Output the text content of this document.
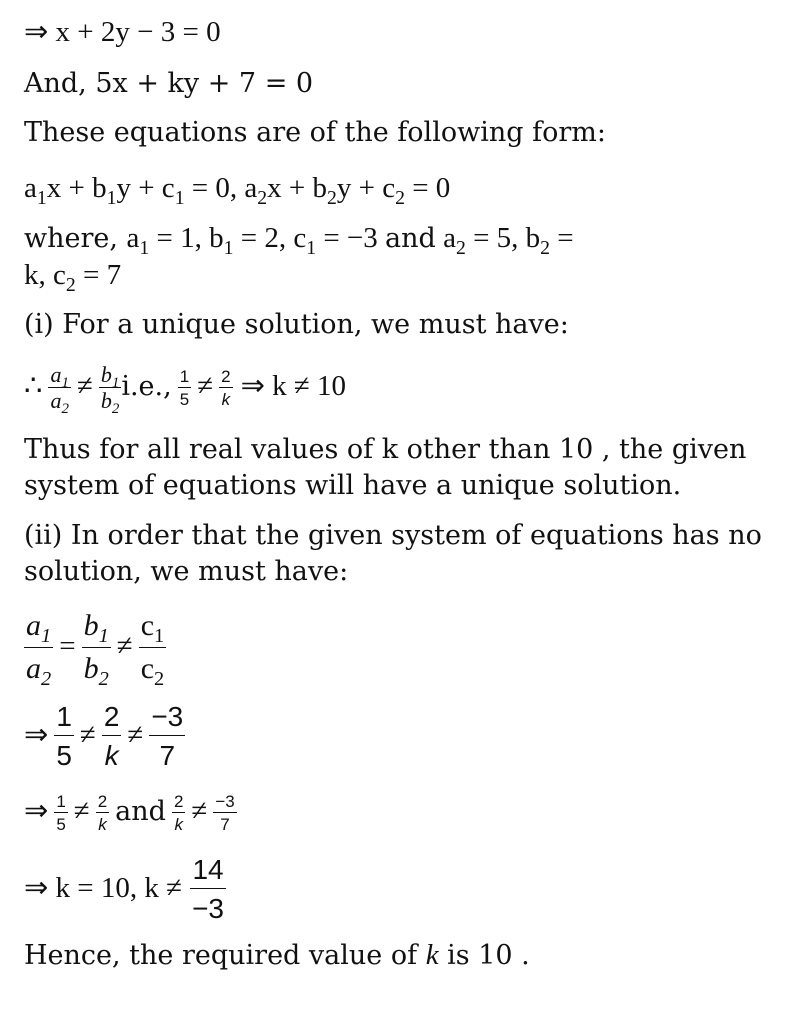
⇒ x + 2y − 3 = 0
And, 5x + ky + 7 = 0
These equations are of the following form:
$a_1x + b_1y + c_1 = 0$, $a_2x + b_2y + c_2 = 0$
where, $a_1 = 1$, $b_1 = 2$, $c_1 = -3$ and $a_2 = 5$, $b_2$ =
k, $c_2 = 7$
(i) For a unique solution, we must have:
∴ $\frac{a_1}{a_2} \ne \frac{b_1}{b_2} i.e$., $\frac{1}{5} \ne \frac{2}{k}$ ⇒ k ≠ 10
Thus for all real values of k other than 10 , the given
system of equations will have a unique solution.
(ii) In order that the given system of equations has no
solution, we must have:
$\frac{a_1}{a_2} = \frac{b_1}{b_2} \ne \frac{c_1}{c_2}$
⇒ $\frac{1}{5} \ne \frac{2}{k} \ne \frac{-3}{7}$
⇒ $\frac{1}{5} \ne \frac{2}{k}$ and $\frac{2}{k} \ne \frac{-3}{7}$
⇒ k = 10, $k \ne \frac{14}{-3}$
Hence, the required value of k is 10 .
